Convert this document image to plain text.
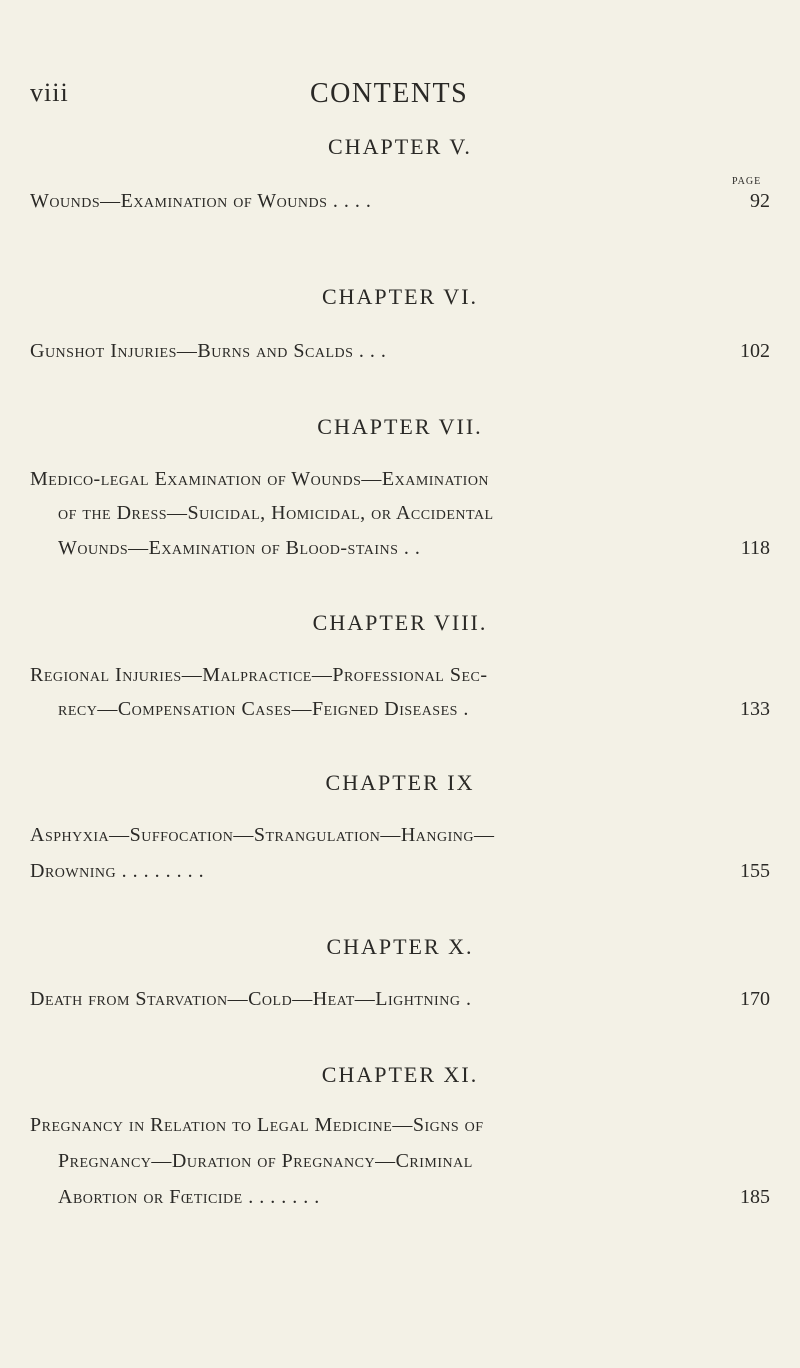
viii	CONTENTS
PAGE
CHAPTER V.
Wounds—Examination of Wounds . . . .	92
CHAPTER VI.
Gunshot Injuries—Burns and Scalds . . .	102
CHAPTER VII.
Medico-legal Examination of Wounds—Examination
of the Dress—Suicidal, Homicidal, or Accidental
Wounds—Examination of Blood-stains . .	118
CHAPTER VIII.
Regional Injuries—Malpractice—Professional Sec-
recy—Compensation Cases—Feigned Diseases .	133
CHAPTER IX
Asphyxia—Suffocation—Strangulation—Hanging—
Drowning . . . . . . . .	155
CHAPTER X.
Death from Starvation—Cold—Heat—Lightning .	170
CHAPTER XI.
Pregnancy in Relation to Legal Medicine—Signs of
Pregnancy—Duration of Pregnancy—Criminal
Abortion or Fœticide . . . . . . .	185
